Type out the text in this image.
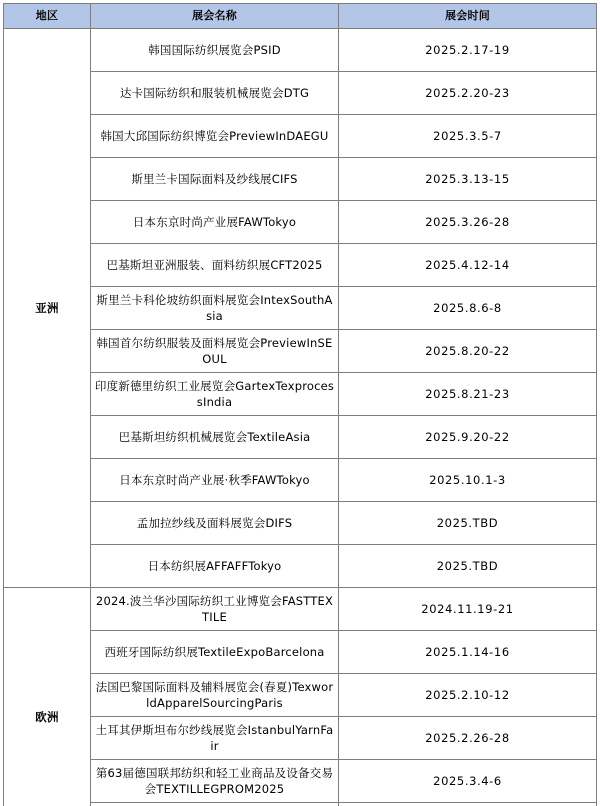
地区	展会名称	展会时间
亚洲	韩国国际纺织展览会PSID	2025.2.17-19
	达卡国际纺织和服装机械展览会DTG	2025.2.20-23
	韩国大邱国际纺织博览会PreviewInDAEGU	2025.3.5-7
	斯里兰卡国际面料及纱线展CIFS	2025.3.13-15
	日本东京时尚产业展FAWTokyo	2025.3.26-28
	巴基斯坦亚洲服装、面料纺织展CFT2025	2025.4.12-14
	斯里兰卡科伦坡纺织面料展览会IntexSouthAsia	2025.8.6-8
	韩国首尔纺织服装及面料展览会PreviewInSEOUL	2025.8.20-22
	印度新德里纺织工业展览会GartexTexprocessIndia	2025.8.21-23
	巴基斯坦纺织机械展览会TextileAsia	2025.9.20-22
	日本东京时尚产业展·秋季FAWTokyo	2025.10.1-3
	孟加拉纱线及面料展览会DIFS	2025.TBD
	日本纺织展AFFAFFTokyo	2025.TBD
欧洲	2024.波兰华沙国际纺织工业博览会FASTTEXTILE	2024.11.19-21
	西班牙国际纺织展TextileExpoBarcelona	2025.1.14-16
	法国巴黎国际面料及辅料展览会(春夏)TexworldApparelSourcingParis	2025.2.10-12
	土耳其伊斯坦布尔纱线展览会IstanbulYarnFair	2025.2.26-28
	第63届德国联邦纺织和轻工业商品及设备交易会TEXTILLEGPROM2025	2025.3.4-6
